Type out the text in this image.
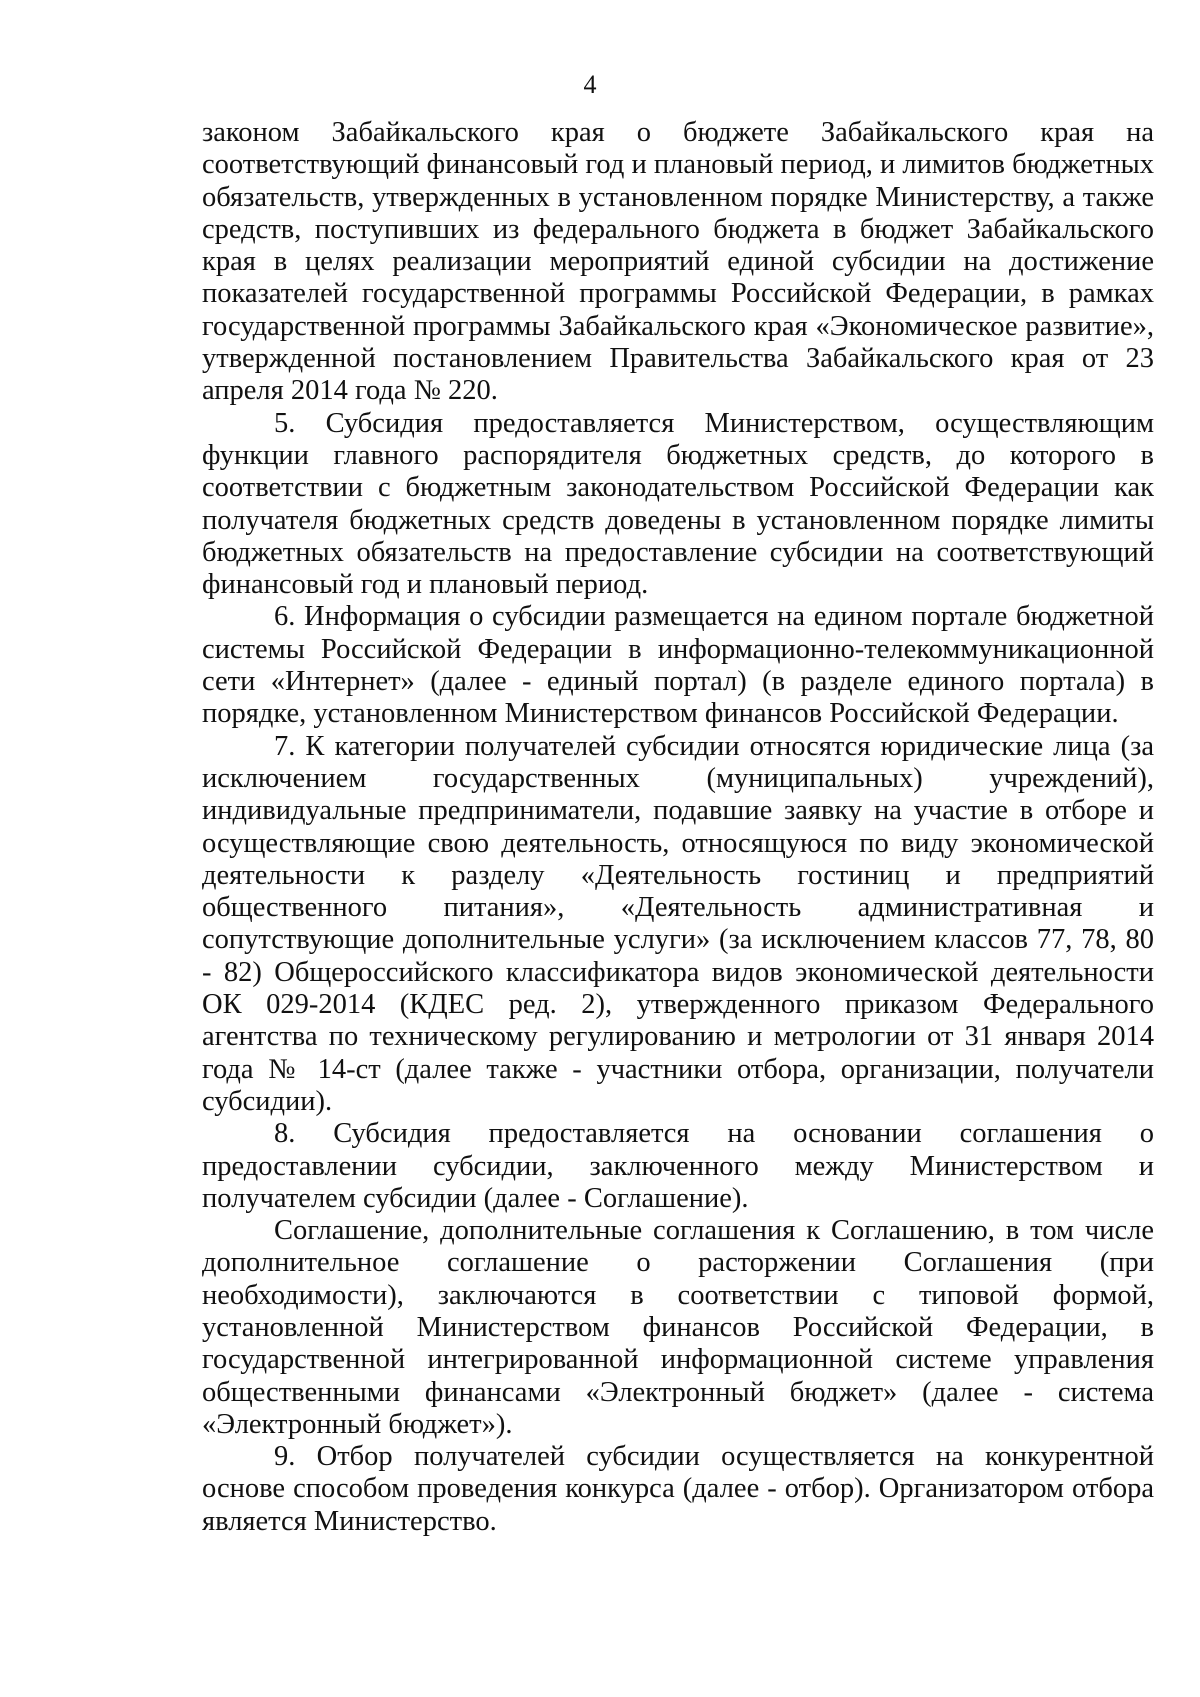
4

законом Забайкальского края о бюджете Забайкальского края на соответствующий финансовый год и плановый период, и лимитов бюджетных обязательств, утвержденных в установленном порядке Министерству, а также средств, поступивших из федерального бюджета в бюджет Забайкальского края в целях реализации мероприятий единой субсидии на достижение показателей государственной программы Российской Федерации, в рамках государственной программы Забайкальского края «Экономическое развитие», утвержденной постановлением Правительства Забайкальского края от 23 апреля 2014 года № 220.

5. Субсидия предоставляется Министерством, осуществляющим функции главного распорядителя бюджетных средств, до которого в соответствии с бюджетным законодательством Российской Федерации как получателя бюджетных средств доведены в установленном порядке лимиты бюджетных обязательств на предоставление субсидии на соответствующий финансовый год и плановый период.

6. Информация о субсидии размещается на едином портале бюджетной системы Российской Федерации в информационно-телекоммуникационной сети «Интернет» (далее - единый портал) (в разделе единого портала) в порядке, установленном Министерством финансов Российской Федерации.

7. К категории получателей субсидии относятся юридические лица (за исключением государственных (муниципальных) учреждений), индивидуальные предприниматели, подавшие заявку на участие в отборе и осуществляющие свою деятельность, относящуюся по виду экономической деятельности к разделу «Деятельность гостиниц и предприятий общественного питания», «Деятельность административная и сопутствующие дополнительные услуги» (за исключением классов 77, 78, 80 - 82) Общероссийского классификатора видов экономической деятельности ОК 029-2014 (КДЕС ред. 2), утвержденного приказом Федерального агентства по техническому регулированию и метрологии от 31 января 2014 года № 14-ст (далее также - участники отбора, организации, получатели субсидии).

8. Субсидия предоставляется на основании соглашения о предоставлении субсидии, заключенного между Министерством и получателем субсидии (далее - Соглашение).

Соглашение, дополнительные соглашения к Соглашению, в том числе дополнительное соглашение о расторжении Соглашения (при необходимости), заключаются в соответствии с типовой формой, установленной Министерством финансов Российской Федерации, в государственной интегрированной информационной системе управления общественными финансами «Электронный бюджет» (далее - система «Электронный бюджет»).

9. Отбор получателей субсидии осуществляется на конкурентной основе способом проведения конкурса (далее - отбор). Организатором отбора является Министерство.
